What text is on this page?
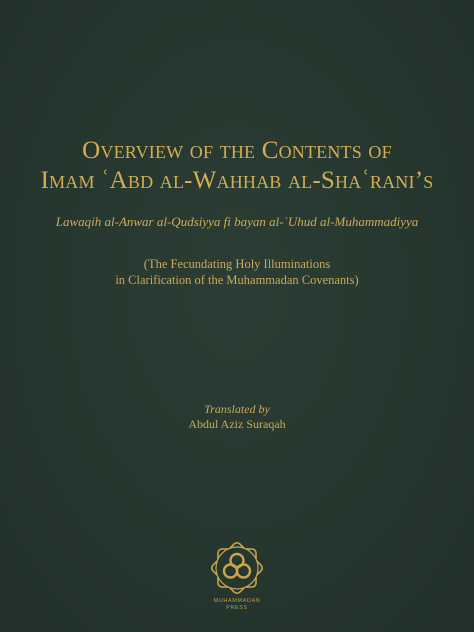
Overview of the Contents of
Imam ʿAbd al-Wahhab al-Shaʿrani’s
Lawaqih al-Anwar al-Qudsiyya fi bayan al-ʿUhud al-Muhammadiyya
(The Fecundating Holy Illuminations
in Clarification of the Muhammadan Covenants)
Translated by
Abdul Aziz Suraqah
MUHAMMADAN
PRESS
